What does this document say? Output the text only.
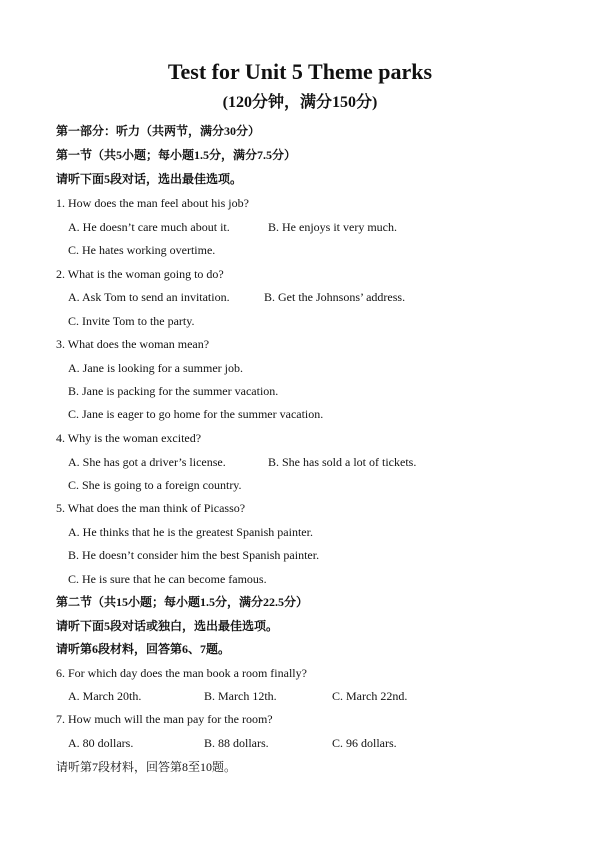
Test for Unit 5 Theme parks
(120分钟，满分150分)
第一部分：听力（共两节，满分30分）
第一节（共5小题；每小题1.5分，满分7.5分）
请听下面5段对话，选出最佳选项。
1. How does the man feel about his job?
A. He doesn’t care much about it.	B. He enjoys it very much.
C. He hates working overtime.
2. What is the woman going to do?
A. Ask Tom to send an invitation.	B. Get the Johnsons’ address.
C. Invite Tom to the party.
3. What does the woman mean?
A. Jane is looking for a summer job.
B. Jane is packing for the summer vacation.
C. Jane is eager to go home for the summer vacation.
4. Why is the woman excited?
A. She has got a driver’s license.	B. She has sold a lot of tickets.
C. She is going to a foreign country.
5. What does the man think of Picasso?
A. He thinks that he is the greatest Spanish painter.
B. He doesn’t consider him the best Spanish painter.
C. He is sure that he can become famous.
第二节（共15小题；每小题1.5分，满分22.5分）
请听下面5段对话或独白，选出最佳选项。
请听第6段材料，回答第6、7题。
6. For which day does the man book a room finally?
A. March 20th.	B. March 12th.	C. March 22nd.
7. How much will the man pay for the room?
A. 80 dollars.	B. 88 dollars.	C. 96 dollars.
请听第7段材料，回答第8至10题。
